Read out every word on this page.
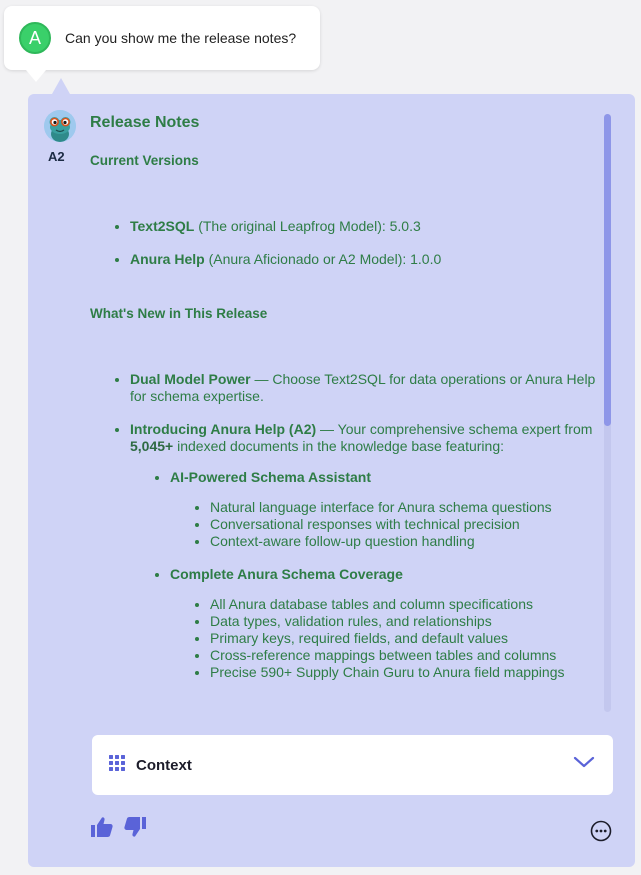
A Can you show me the release notes?
A2
Release Notes
Current Versions
• Text2SQL (The original Leapfrog Model): 5.0.3
• Anura Help (Anura Aficionado or A2 Model): 1.0.0
What's New in This Release
• Dual Model Power — Choose Text2SQL for data operations or Anura Help for schema expertise.
• Introducing Anura Help (A2) — Your comprehensive schema expert from 5,045+ indexed documents in the knowledge base featuring:
• AI-Powered Schema Assistant
• Natural language interface for Anura schema questions
• Conversational responses with technical precision
• Context-aware follow-up question handling
• Complete Anura Schema Coverage
• All Anura database tables and column specifications
• Data types, validation rules, and relationships
• Primary keys, required fields, and default values
• Cross-reference mappings between tables and columns
• Precise 590+ Supply Chain Guru to Anura field mappings
Context
